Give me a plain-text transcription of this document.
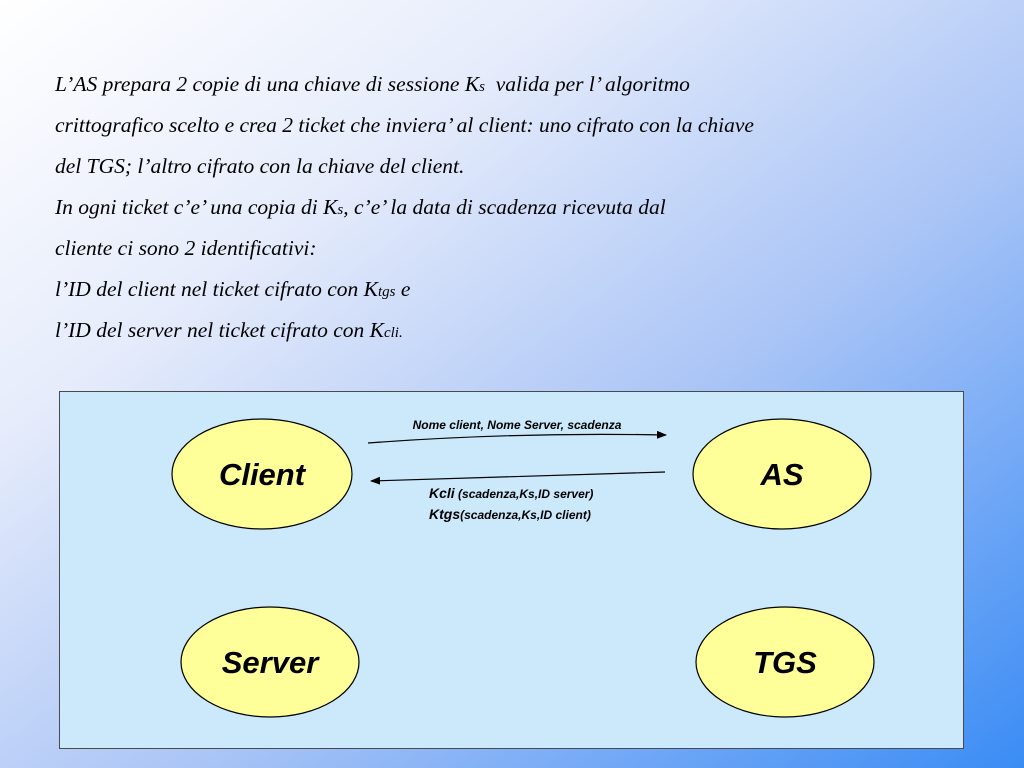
L’AS prepara 2 copie di una chiave di sessione Ks  valida per l’ algoritmo
crittografico scelto e crea 2 ticket che inviera’ al client: uno cifrato con la chiave
del TGS; l’altro cifrato con la chiave del client.
In ogni ticket c’e’ una copia di Ks, c’e’ la data di scadenza ricevuta dal
cliente ci sono 2 identificativi:
l’ID del client nel ticket cifrato con Ktgs e
l’ID del server nel ticket cifrato con Kcli.
Client	AS
Server	TGS
Nome client, Nome Server, scadenza
Kcli (scadenza,Ks,ID server)
Ktgs(scadenza,Ks,ID client)
